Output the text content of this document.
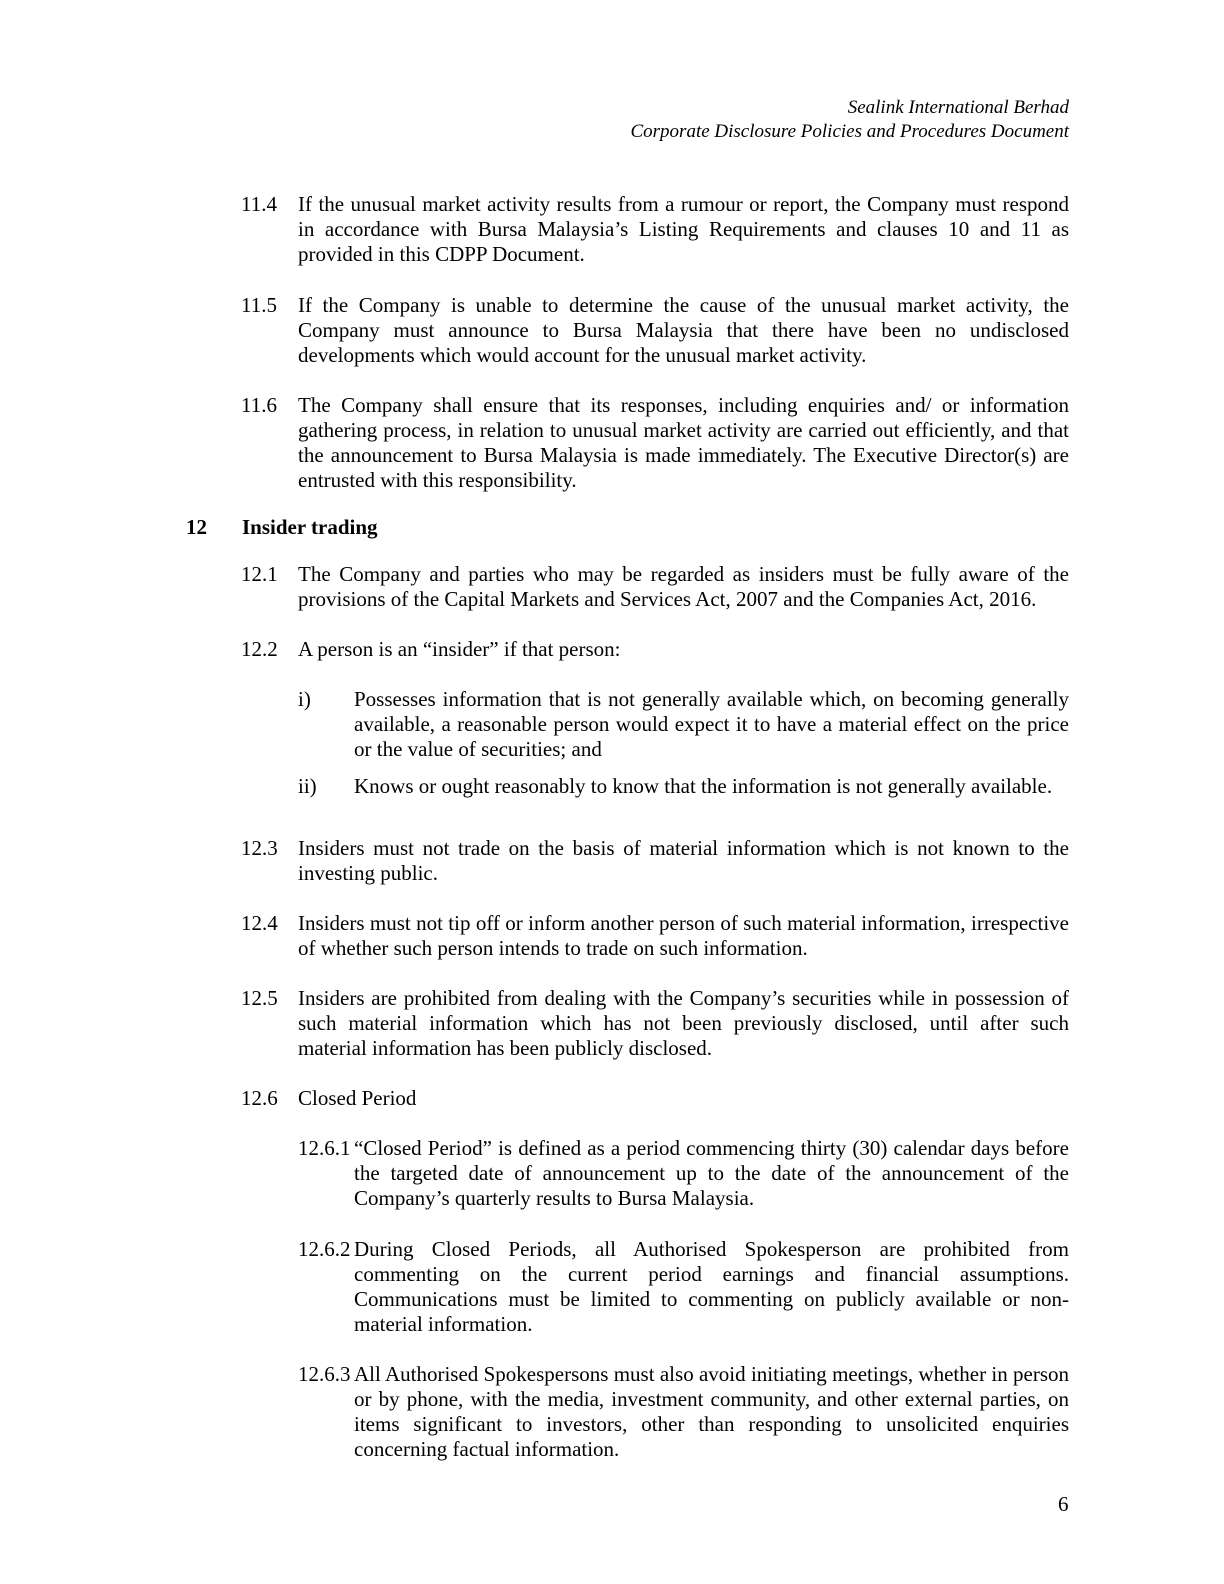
Sealink International Berhad
Corporate Disclosure Policies and Procedures Document
11.4 If the unusual market activity results from a rumour or report, the Company must respond in accordance with Bursa Malaysia’s Listing Requirements and clauses 10 and 11 as provided in this CDPP Document.
11.5 If the Company is unable to determine the cause of the unusual market activity, the Company must announce to Bursa Malaysia that there have been no undisclosed developments which would account for the unusual market activity.
11.6 The Company shall ensure that its responses, including enquiries and/ or information gathering process, in relation to unusual market activity are carried out efficiently, and that the announcement to Bursa Malaysia is made immediately. The Executive Director(s) are entrusted with this responsibility.
12 Insider trading
12.1 The Company and parties who may be regarded as insiders must be fully aware of the provisions of the Capital Markets and Services Act, 2007 and the Companies Act, 2016.
12.2 A person is an “insider” if that person:
i) Possesses information that is not generally available which, on becoming generally available, a reasonable person would expect it to have a material effect on the price or the value of securities; and
ii) Knows or ought reasonably to know that the information is not generally available.
12.3 Insiders must not trade on the basis of material information which is not known to the investing public.
12.4 Insiders must not tip off or inform another person of such material information, irrespective of whether such person intends to trade on such information.
12.5 Insiders are prohibited from dealing with the Company’s securities while in possession of such material information which has not been previously disclosed, until after such material information has been publicly disclosed.
12.6 Closed Period
12.6.1 “Closed Period” is defined as a period commencing thirty (30) calendar days before the targeted date of announcement up to the date of the announcement of the Company’s quarterly results to Bursa Malaysia.
12.6.2 During Closed Periods, all Authorised Spokesperson are prohibited from commenting on the current period earnings and financial assumptions. Communications must be limited to commenting on publicly available or non-material information.
12.6.3 All Authorised Spokespersons must also avoid initiating meetings, whether in person or by phone, with the media, investment community, and other external parties, on items significant to investors, other than responding to unsolicited enquiries concerning factual information.
6
